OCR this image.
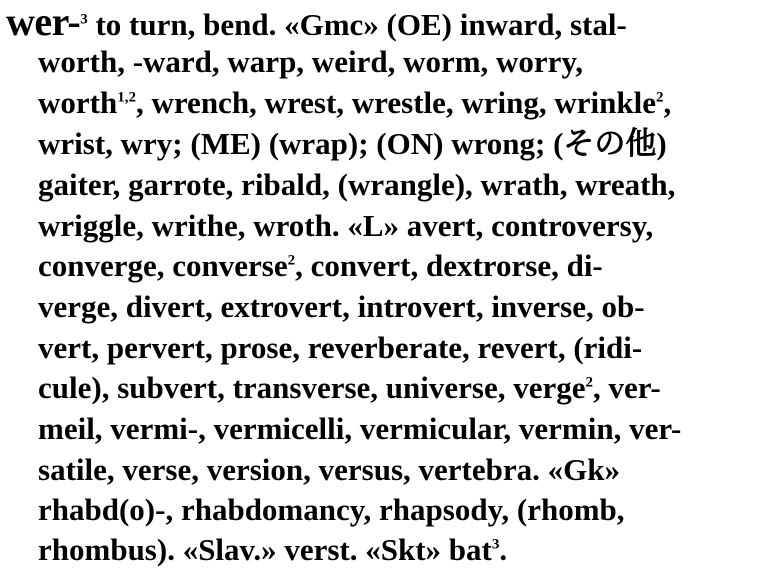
wer-$^3$ to turn, bend. «Gmc» (OE) inward, stal-
worth, -ward, warp, weird, worm, worry,
worth$^{1,2}$, wrench, wrest, wrestle, wring, wrinkle$^2$,
wrist, wry; (ME) (wrap); (ON) wrong; (その他)
gaiter, garrote, ribald, (wrangle), wrath, wreath,
wriggle, writhe, wroth. «L» avert, controversy,
converge, converse$^2$, convert, dextrorse, di-
verge, divert, extrovert, introvert, inverse, ob-
vert, pervert, prose, reverberate, revert, (ridi-
cule), subvert, transverse, universe, verge$^2$, ver-
meil, vermi-, vermicelli, vermicular, vermin, ver-
satile, verse, version, versus, vertebra. «Gk»
rhabd(o)-, rhabdomancy, rhapsody, (rhomb,
rhombus). «Slav.» verst. «Skt» bat$^3$.
